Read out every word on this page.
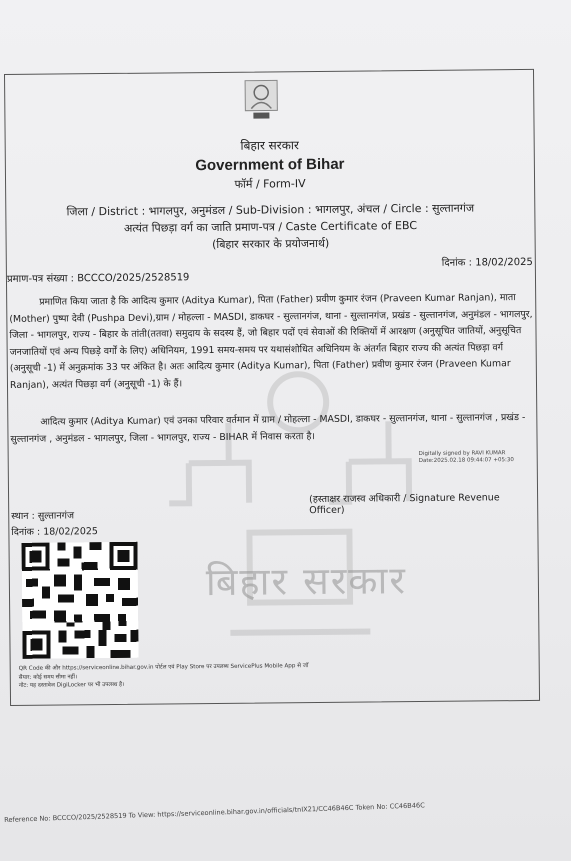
बिहार सरकार
बिहार सरकार
Government of Bihar
फॉर्म / Form-IV
जिला / District : भागलपुर, अनुमंडल / Sub-Division : भागलपुर, अंचल / Circle : सुल्तानगंज
अत्यंत पिछड़ा वर्ग का जाति प्रमाण-पत्र / Caste Certificate of EBC
(बिहार सरकार के प्रयोजनार्थ)
दिनांक : 18/02/2025
प्रमाण-पत्र संख्या : BCCCO/2025/2528519
प्रमाणित किया जाता है कि आदित्य कुमार (Aditya Kumar), पिता (Father) प्रवीण कुमार रंजन (Praveen Kumar Ranjan), माता (Mother) पुष्पा देवी (Pushpa Devi),ग्राम / मोहल्ला - MASDI, डाकघर - सुल्तानगंज, थाना - सुल्तानगंज, प्रखंड - सुल्तानगंज, अनुमंडल - भागलपुर, जिला - भागलपुर, राज्य - बिहार के तांती(ततवा) समुदाय के सदस्य हैं, जो बिहार पदों एवं सेवाओं की रिक्तियों में आरक्षण (अनुसूचित जातियों, अनुसूचित जनजातियों एवं अन्य पिछड़े वर्गों के लिए) अधिनियम, 1991 समय-समय पर यथासंशोधित अधिनियम के अंतर्गत बिहार राज्य की अत्यंत पिछड़ा वर्ग (अनुसूची -1) में अनुक्रमांक 33 पर अंकित है। अतः आदित्य कुमार (Aditya Kumar), पिता (Father) प्रवीण कुमार रंजन (Praveen Kumar Ranjan), अत्यंत पिछड़ा वर्ग (अनुसूची -1) के हैं।
आदित्य कुमार (Aditya Kumar) एवं उनका परिवार वर्तमान में ग्राम / मोहल्ला - MASDI, डाकघर - सुल्तानगंज, थाना - सुल्तानगंज , प्रखंड - सुल्तानगंज , अनुमंडल - भागलपुर, जिला - भागलपुर, राज्य - BIHAR में निवास करता है।
Digitally signed by RAVI KUMAR
Date:2025.02.18 09:44:07 +05:30
(हस्ताक्षर राजस्व अधिकारी / Signature Revenue Officer)
स्थान : सुल्तानगंज
दिनांक : 18/02/2025
QR Code की और https://serviceonline.bihar.gov.in पोर्टल एवं Play Store पर उपलब्ध ServicePlus Mobile App से जाँ
सैयार: कोई समय सीमा नहीं।
नोट: यह दस्तावेज DigiLocker पर भी उपलब्ध है।
Reference No: BCCCO/2025/2528519 To View: https://serviceonline.bihar.gov.in/officials/tnIX21/CC46B46C Token No: CC46B46C
